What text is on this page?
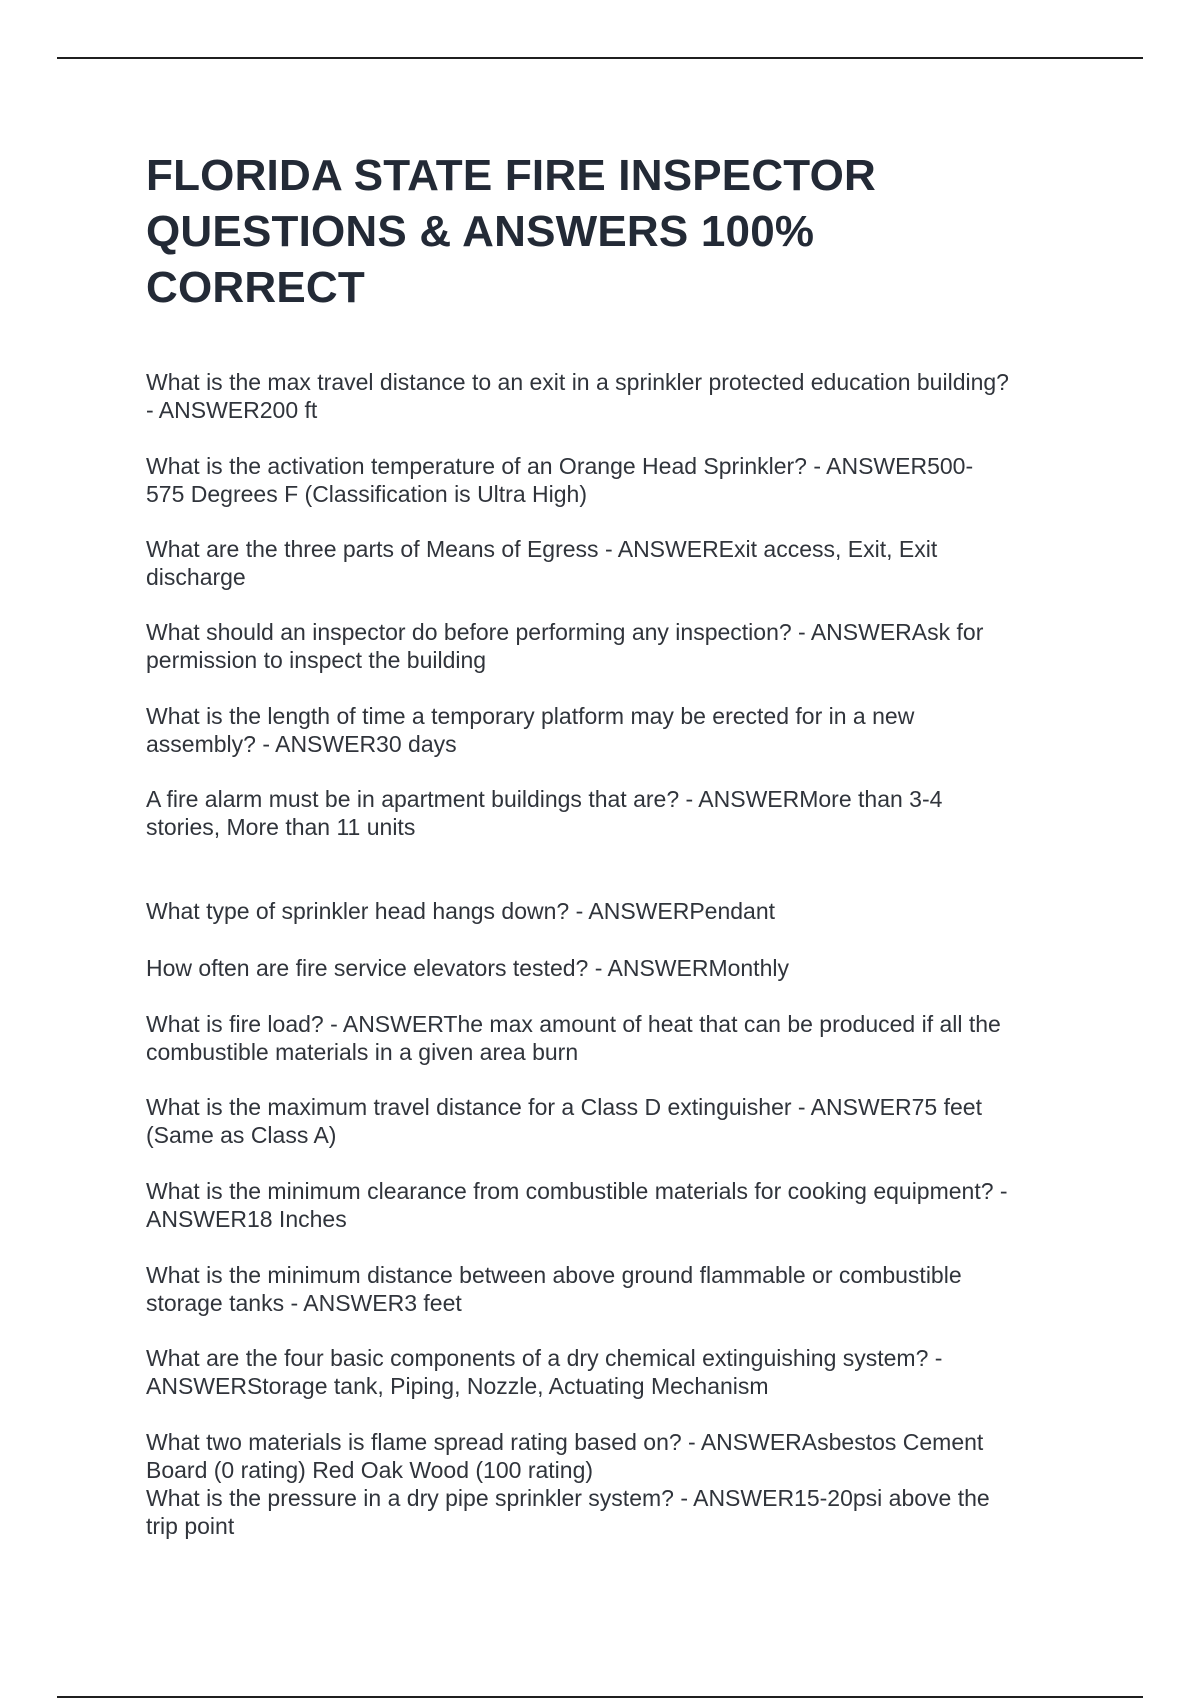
FLORIDA STATE FIRE INSPECTOR
QUESTIONS & ANSWERS 100%
CORRECT

What is the max travel distance to an exit in a sprinkler protected education building?
- ANSWER200 ft

What is the activation temperature of an Orange Head Sprinkler? - ANSWER500-
575 Degrees F (Classification is Ultra High)

What are the three parts of Means of Egress - ANSWERExit access, Exit, Exit
discharge

What should an inspector do before performing any inspection? - ANSWERAsk for
permission to inspect the building

What is the length of time a temporary platform may be erected for in a new
assembly? - ANSWER30 days

A fire alarm must be in apartment buildings that are? - ANSWERMore than 3-4
stories, More than 11 units

What type of sprinkler head hangs down? - ANSWERPendant

How often are fire service elevators tested? - ANSWERMonthly

What is fire load? - ANSWERThe max amount of heat that can be produced if all the
combustible materials in a given area burn

What is the maximum travel distance for a Class D extinguisher - ANSWER75 feet
(Same as Class A)

What is the minimum clearance from combustible materials for cooking equipment? -
ANSWER18 Inches

What is the minimum distance between above ground flammable or combustible
storage tanks - ANSWER3 feet

What are the four basic components of a dry chemical extinguishing system? -
ANSWERStorage tank, Piping, Nozzle, Actuating Mechanism

What two materials is flame spread rating based on? - ANSWERAsbestos Cement
Board (0 rating) Red Oak Wood (100 rating)
What is the pressure in a dry pipe sprinkler system? - ANSWER15-20psi above the
trip point
